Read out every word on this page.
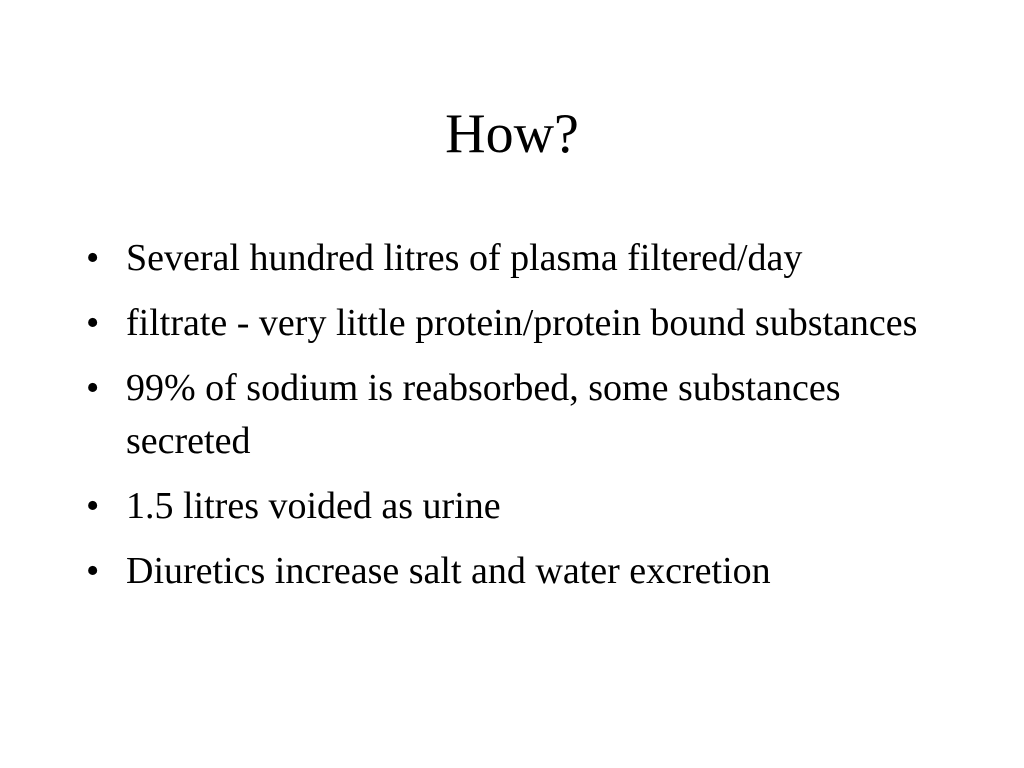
How?
• Several hundred litres of plasma filtered/day
• filtrate - very little protein/protein bound substances
• 99% of sodium is reabsorbed, some substances secreted
• 1.5 litres voided as urine
• Diuretics increase salt and water excretion
